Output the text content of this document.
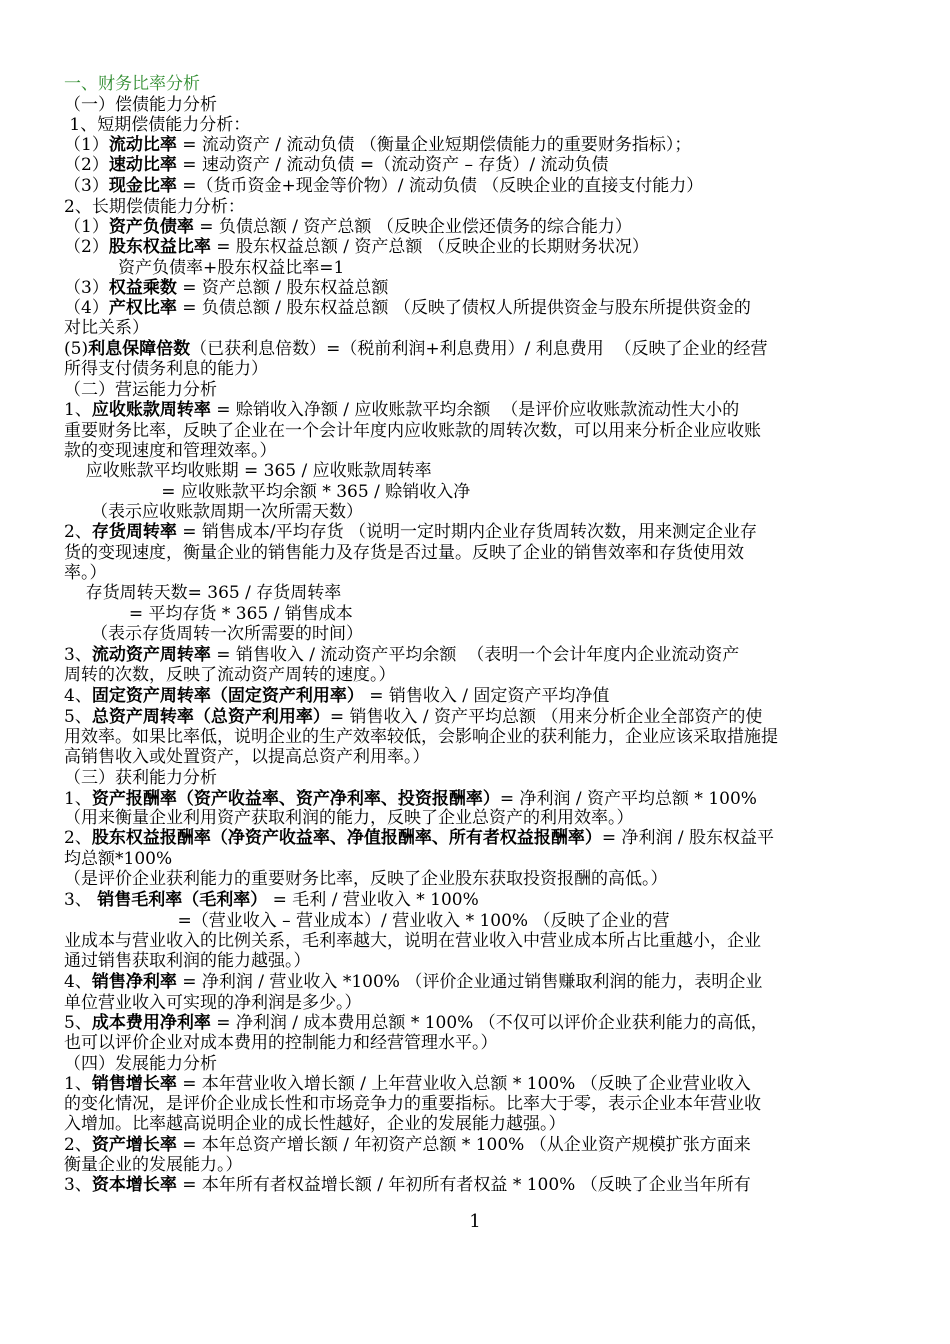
一、财务比率分析
（一）偿债能力分析
1、短期偿债能力分析：
（1）流动比率 = 流动资产 / 流动负债 （衡量企业短期偿债能力的重要财务指标）；
（2）速动比率 = 速动资产 / 流动负债 =（流动资产 – 存货）/ 流动负债
（3）现金比率 =（货币资金+现金等价物）/ 流动负债 （反映企业的直接支付能力）
2、长期偿债能力分析：
（1）资产负债率 = 负债总额 / 资产总额 （反映企业偿还债务的综合能力）
（2）股东权益比率 = 股东权益总额 / 资产总额 （反映企业的长期财务状况）
资产负债率+股东权益比率=1
（3）权益乘数 = 资产总额 / 股东权益总额
（4）产权比率 = 负债总额 / 股东权益总额 （反映了债权人所提供资金与股东所提供资金的
对比关系）
(5)利息保障倍数（已获利息倍数）=（税前利润+利息费用）/ 利息费用  （反映了企业的经营
所得支付债务利息的能力）
（二）营运能力分析
1、应收账款周转率 = 赊销收入净额 / 应收账款平均余额  （是评价应收账款流动性大小的
重要财务比率，反映了企业在一个会计年度内应收账款的周转次数，可以用来分析企业应收账
款的变现速度和管理效率。）
应收账款平均收账期 = 365 / 应收账款周转率
= 应收账款平均余额 * 365 / 赊销收入净
（表示应收账款周期一次所需天数）
2、存货周转率 = 销售成本/平均存货 （说明一定时期内企业存货周转次数，用来测定企业存
货的变现速度，衡量企业的销售能力及存货是否过量。反映了企业的销售效率和存货使用效
率。）
存货周转天数= 365 / 存货周转率
= 平均存货 * 365 / 销售成本
（表示存货周转一次所需要的时间）
3、流动资产周转率 = 销售收入 / 流动资产平均余额  （表明一个会计年度内企业流动资产
周转的次数，反映了流动资产周转的速度。）
4、固定资产周转率（固定资产利用率） = 销售收入 / 固定资产平均净值
5、总资产周转率（总资产利用率）= 销售收入 / 资产平均总额 （用来分析企业全部资产的使
用效率。如果比率低，说明企业的生产效率较低，会影响企业的获利能力，企业应该采取措施提
高销售收入或处置资产，以提高总资产利用率。）
（三）获利能力分析
1、资产报酬率（资产收益率、资产净利率、投资报酬率）= 净利润 / 资产平均总额 * 100%
（用来衡量企业利用资产获取利润的能力，反映了企业总资产的利用效率。）
2、股东权益报酬率（净资产收益率、净值报酬率、所有者权益报酬率）= 净利润 / 股东权益平
均总额*100%
（是评价企业获利能力的重要财务比率，反映了企业股东获取投资报酬的高低。）
3、 销售毛利率（毛利率） = 毛利 / 营业收入 * 100%
=（营业收入 – 营业成本）/ 营业收入 * 100% （反映了企业的营
业成本与营业收入的比例关系，毛利率越大，说明在营业收入中营业成本所占比重越小，企业
通过销售获取利润的能力越强。）
4、销售净利率 = 净利润 / 营业收入 *100% （评价企业通过销售赚取利润的能力，表明企业
单位营业收入可实现的净利润是多少。）
5、成本费用净利率 = 净利润 / 成本费用总额 * 100% （不仅可以评价企业获利能力的高低，
也可以评价企业对成本费用的控制能力和经营管理水平。）
（四）发展能力分析
1、销售增长率 = 本年营业收入增长额 / 上年营业收入总额 * 100% （反映了企业营业收入
的变化情况，是评价企业成长性和市场竞争力的重要指标。比率大于零，表示企业本年营业收
入增加。比率越高说明企业的成长性越好，企业的发展能力越强。）
2、资产增长率 = 本年总资产增长额 / 年初资产总额 * 100% （从企业资产规模扩张方面来
衡量企业的发展能力。）
3、资本增长率 = 本年所有者权益增长额 / 年初所有者权益 * 100% （反映了企业当年所有
1
